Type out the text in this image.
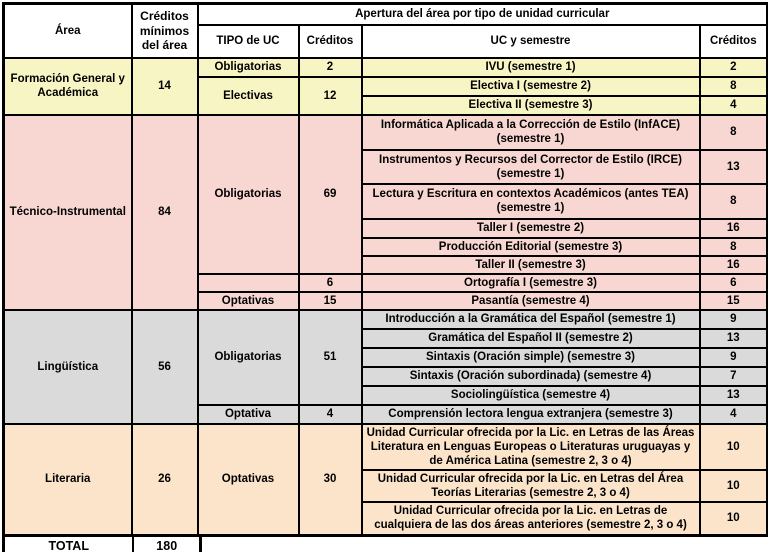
Área	Créditos mínimos del área	Apertura del área por tipo de unidad curricular			
		TIPO de UC	Créditos	UC y semestre	Créditos
Formación General y Académica	14	Obligatorias	2	IVU (semestre 1)	2
		Electivas	12	Electiva I (semestre 2)	8
				Electiva II (semestre 3)	4
Técnico-Instrumental	84	Obligatorias	69	Informática Aplicada a la Corrección de Estilo (InfACE) (semestre 1)	8
				Instrumentos y Recursos del Corrector de Estilo (IRCE) (semestre 1)	13
				Lectura y Escritura en contextos Académicos (antes TEA) (semestre 1)	8
				Taller I (semestre 2)	16
				Producción Editorial (semestre 3)	8
				Taller II (semestre 3)	16
			6	Ortografía I (semestre 3)	6
		Optativas	15	Pasantía (semestre 4)	15
Lingüística	56	Obligatorias	51	Introducción a la Gramática del Español (semestre 1)	9
				Gramática del Español II (semestre 2)	13
				Sintaxis (Oración simple) (semestre 3)	9
				Sintaxis (Oración subordinada) (semestre 4)	7
				Sociolingüística (semestre 4)	13
		Optativa	4	Comprensión lectora lengua extranjera (semestre 3)	4
Literaria	26	Optativas	30	Unidad Curricular ofrecida por la Lic. en Letras de las Áreas Literatura en Lenguas Europeas o Literaturas uruguayas y de América Latina (semestre 2, 3 o 4)	10
				Unidad Curricular ofrecida por la Lic. en Letras del Área Teorías Literarias (semestre 2, 3 o 4)	10
				Unidad Curricular ofrecida por la Lic. en Letras de cualquiera de las dos áreas anteriores (semestre 2, 3 o 4)	10
TOTAL	180
